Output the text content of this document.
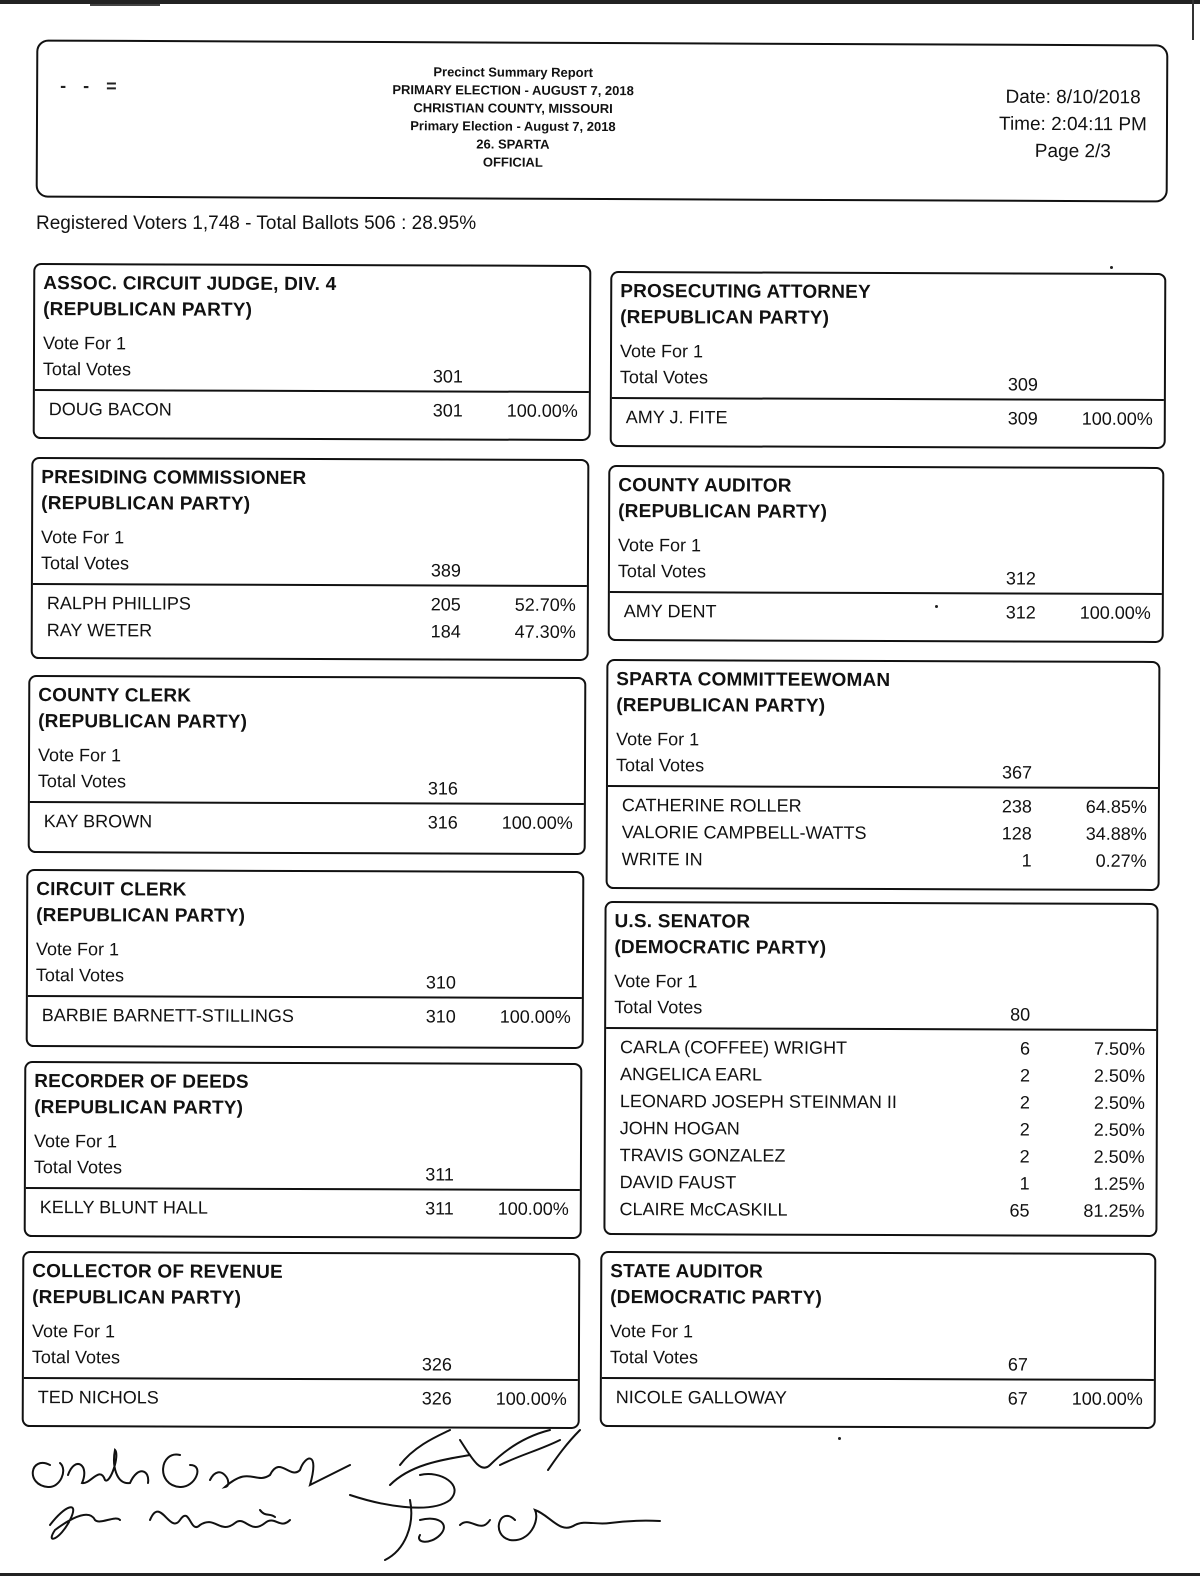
- - =
Precinct Summary Report
PRIMARY ELECTION - AUGUST 7, 2018
CHRISTIAN COUNTY, MISSOURI
Primary Election - August 7, 2018
26. SPARTA
OFFICIAL
Date: 8/10/2018
Time: 2:04:11 PM
Page 2/3
Registered Voters 1,748 - Total Ballots 506 : 28.95%
ASSOC. CIRCUIT JUDGE, DIV. 4
(REPUBLICAN PARTY)
Vote For 1
Total Votes	301
DOUG BACON	301	100.00%
PRESIDING COMMISSIONER
(REPUBLICAN PARTY)
Vote For 1
Total Votes	389
RALPH PHILLIPS	205	52.70%
RAY WETER	184	47.30%
COUNTY CLERK
(REPUBLICAN PARTY)
Vote For 1
Total Votes	316
KAY BROWN	316	100.00%
CIRCUIT CLERK
(REPUBLICAN PARTY)
Vote For 1
Total Votes	310
BARBIE BARNETT-STILLINGS	310	100.00%
RECORDER OF DEEDS
(REPUBLICAN PARTY)
Vote For 1
Total Votes	311
KELLY BLUNT HALL	311	100.00%
COLLECTOR OF REVENUE
(REPUBLICAN PARTY)
Vote For 1
Total Votes	326
TED NICHOLS	326	100.00%
PROSECUTING ATTORNEY
(REPUBLICAN PARTY)
Vote For 1
Total Votes	309
AMY J. FITE	309	100.00%
COUNTY AUDITOR
(REPUBLICAN PARTY)
Vote For 1
Total Votes	312
AMY DENT	312	100.00%
SPARTA COMMITTEEWOMAN
(REPUBLICAN PARTY)
Vote For 1
Total Votes	367
CATHERINE ROLLER	238	64.85%
VALORIE CAMPBELL-WATTS	128	34.88%
WRITE IN	1	0.27%
U.S. SENATOR
(DEMOCRATIC PARTY)
Vote For 1
Total Votes	80
CARLA (COFFEE) WRIGHT	6	7.50%
ANGELICA EARL	2	2.50%
LEONARD JOSEPH STEINMAN II	2	2.50%
JOHN HOGAN	2	2.50%
TRAVIS GONZALEZ	2	2.50%
DAVID FAUST	1	1.25%
CLAIRE McCASKILL	65	81.25%
STATE AUDITOR
(DEMOCRATIC PARTY)
Vote For 1
Total Votes	67
NICOLE GALLOWAY	67	100.00%
